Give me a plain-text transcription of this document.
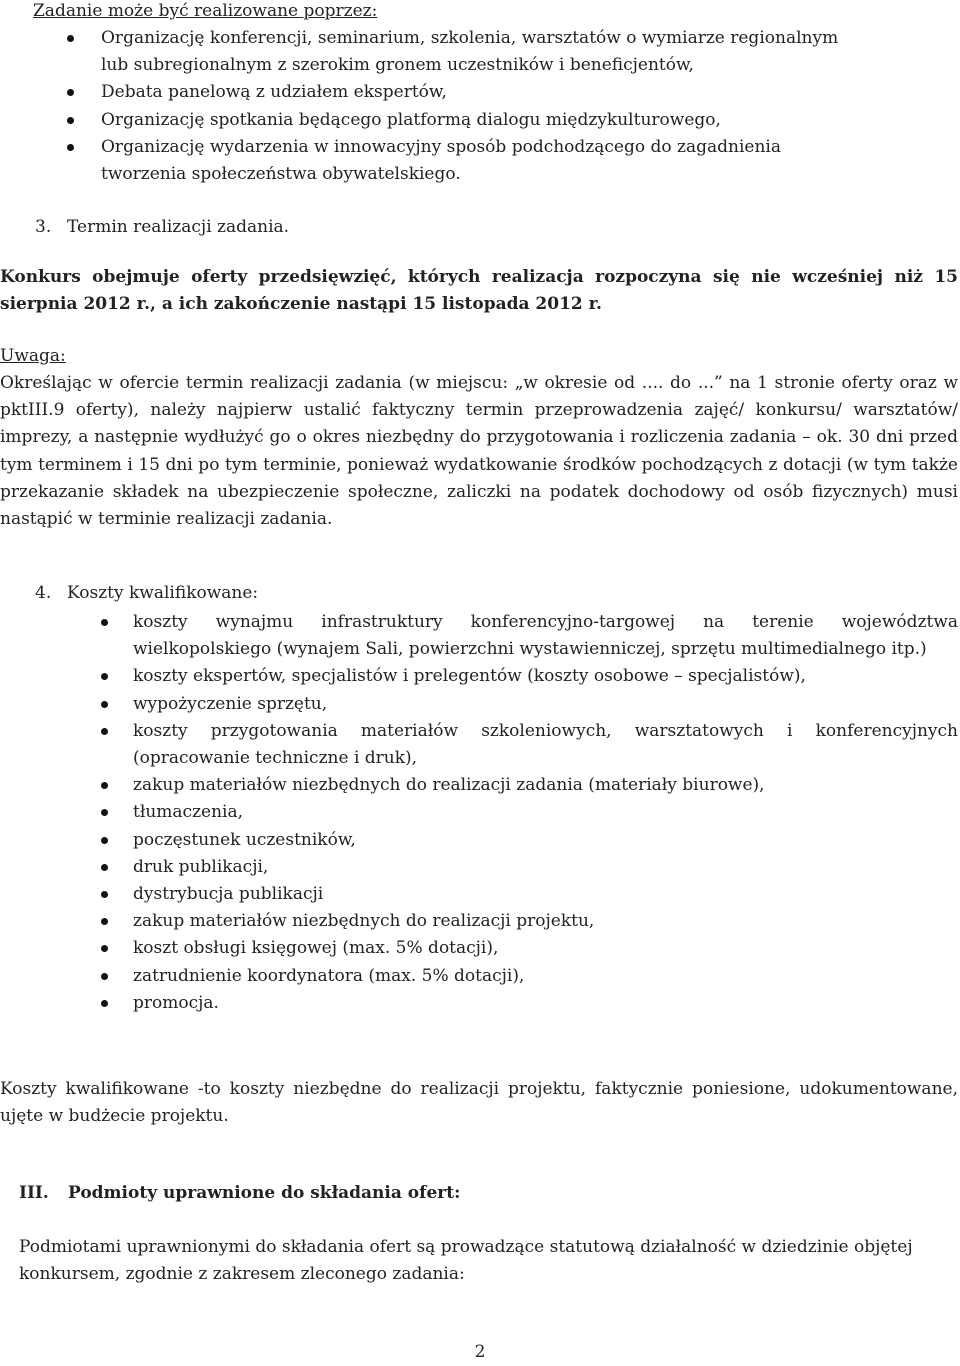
Zadanie może być realizowane poprzez:
Organizację konferencji, seminarium, szkolenia, warsztatów o wymiarze regionalnym lub subregionalnym z szerokim gronem uczestników i beneficjentów,
Debata panelową z udziałem ekspertów,
Organizację spotkania będącego platformą dialogu międzykulturowego,
Organizację wydarzenia w innowacyjny sposób podchodzącego do zagadnienia tworzenia społeczeństwa obywatelskiego.
3. Termin realizacji zadania.
Konkurs obejmuje oferty przedsięwzięć, których realizacja rozpoczyna się nie wcześniej niż 15 sierpnia 2012 r., a ich zakończenie nastąpi 15 listopada 2012 r.
Uwaga:
Określając w ofercie termin realizacji zadania (w miejscu: „w okresie od .... do ...” na 1 stronie oferty oraz w pktIII.9 oferty), należy najpierw ustalić faktyczny termin przeprowadzenia zajęć/ konkursu/ warsztatów/ imprezy, a następnie wydłużyć go o okres niezbędny do przygotowania i rozliczenia zadania – ok. 30 dni przed tym terminem i 15 dni po tym terminie, ponieważ wydatkowanie środków pochodzących z dotacji (w tym także przekazanie składek na ubezpieczenie społeczne, zaliczki na podatek dochodowy od osób fizycznych) musi nastąpić w terminie realizacji zadania.
4. Koszty kwalifikowane:
koszty wynajmu infrastruktury konferencyjno-targowej na terenie województwa wielkopolskiego (wynajem Sali, powierzchni wystawienniczej, sprzętu multimedialnego itp.)
koszty ekspertów, specjalistów i prelegentów (koszty osobowe – specjalistów),
wypożyczenie sprzętu,
koszty przygotowania materiałów szkoleniowych, warsztatowych i konferencyjnych (opracowanie techniczne i druk),
zakup materiałów niezbędnych do realizacji zadania (materiały biurowe),
tłumaczenia,
poczęstunek uczestników,
druk publikacji,
dystrybucja publikacji
zakup materiałów niezbędnych do realizacji projektu,
koszt obsługi księgowej (max. 5% dotacji),
zatrudnienie koordynatora (max. 5% dotacji),
promocja.
Koszty kwalifikowane -to koszty niezbędne do realizacji projektu, faktycznie poniesione, udokumentowane, ujęte w budżecie projektu.
III. Podmioty uprawnione do składania ofert:
Podmiotami uprawnionymi do składania ofert są prowadzące statutową działalność w dziedzinie objętej konkursem, zgodnie z zakresem zleconego zadania:
2
